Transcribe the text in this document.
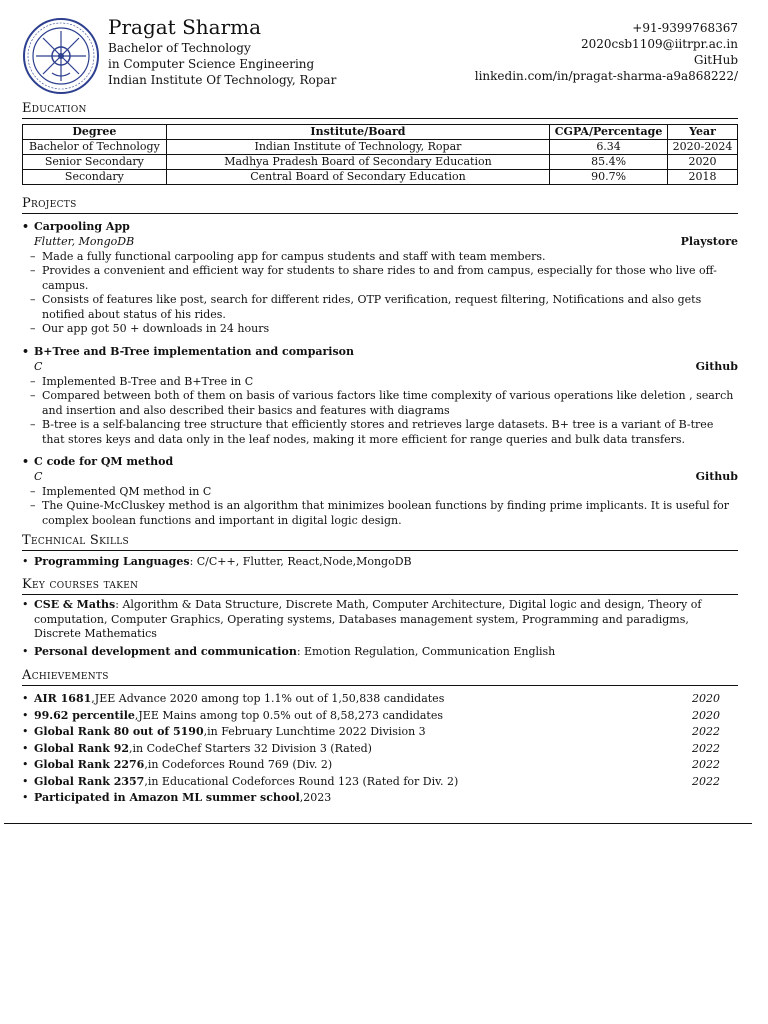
Pragat Sharma
Bachelor of Technology
in Computer Science Engineering
Indian Institute Of Technology, Ropar
+91-9399768367
2020csb1109@iitrpr.ac.in
GitHub
linkedin.com/in/pragat-sharma-a9a868222/
Education
Degree	Institute/Board	CGPA/Percentage	Year
Bachelor of Technology	Indian Institute of Technology, Ropar	6.34	2020-2024
Senior Secondary	Madhya Pradesh Board of Secondary Education	85.4%	2020
Secondary	Central Board of Secondary Education	90.7%	2018
Projects
• Carpooling App
Flutter, MongoDB	Playstore
– Made a fully functional carpooling app for campus students and staff with team members.
– Provides a convenient and efficient way for students to share rides to and from campus, especially for those who live off-campus.
– Consists of features like post, search for different rides, OTP verification, request filtering, Notifications and also gets notified about status of his rides.
– Our app got 50 + downloads in 24 hours
• B+Tree and B-Tree implementation and comparison
C	Github
– Implemented B-Tree and B+Tree in C
– Compared between both of them on basis of various factors like time complexity of various operations like deletion , search and insertion and also described their basics and features with diagrams
– B-tree is a self-balancing tree structure that efficiently stores and retrieves large datasets. B+ tree is a variant of B-tree that stores keys and data only in the leaf nodes, making it more efficient for range queries and bulk data transfers.
• C code for QM method
C	Github
– Implemented QM method in C
– The Quine-McCluskey method is an algorithm that minimizes boolean functions by finding prime implicants. It is useful for complex boolean functions and important in digital logic design.
Technical Skills
• Programming Languages: C/C++, Flutter, React,Node,MongoDB
Key courses taken
• CSE & Maths: Algorithm & Data Structure, Discrete Math, Computer Architecture, Digital logic and design, Theory of computation, Computer Graphics, Operating systems, Databases management system, Programming and paradigms, Discrete Mathematics
• Personal development and communication: Emotion Regulation, Communication English
Achievements
• AIR 1681,JEE Advance 2020 among top 1.1% out of 1,50,838 candidates	2020
• 99.62 percentile,JEE Mains among top 0.5% out of 8,58,273 candidates	2020
• Global Rank 80 out of 5190,in February Lunchtime 2022 Division 3	2022
• Global Rank 92,in CodeChef Starters 32 Division 3 (Rated)	2022
• Global Rank 2276,in Codeforces Round 769 (Div. 2)	2022
• Global Rank 2357,in Educational Codeforces Round 123 (Rated for Div. 2)	2022
• Participated in Amazon ML summer school,2023
